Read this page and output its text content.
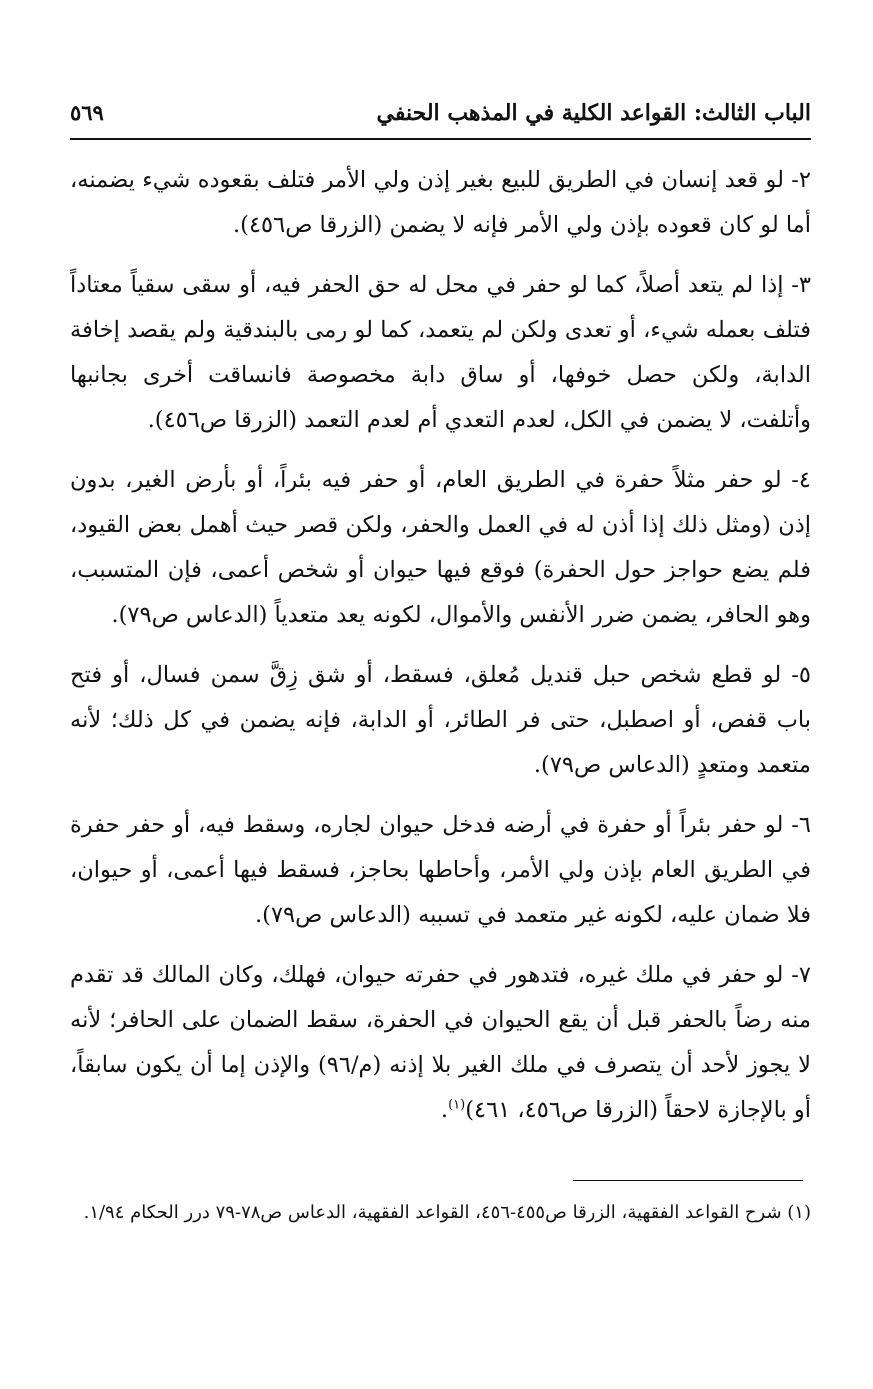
الباب الثالث: القواعد الكلية في المذهب الحنفي
٥٦٩

٢- لو قعد إنسان في الطريق للبيع بغير إذن ولي الأمر فتلف بقعوده شيء يضمنه، أما لو كان قعوده بإذن ولي الأمر فإنه لا يضمن (الزرقا ص٤٥٦).

٣- إذا لم يتعد أصلاً، كما لو حفر في محل له حق الحفر فيه، أو سقى سقياً معتاداً فتلف بعمله شيء، أو تعدى ولكن لم يتعمد، كما لو رمى بالبندقية ولم يقصد إخافة الدابة، ولكن حصل خوفها، أو ساق دابة مخصوصة فانساقت أخرى بجانبها وأتلفت، لا يضمن في الكل، لعدم التعدي أم لعدم التعمد (الزرقا ص٤٥٦).

٤- لو حفر مثلاً حفرة في الطريق العام، أو حفر فيه بئراً، أو بأرض الغير، بدون إذن (ومثل ذلك إذا أذن له في العمل والحفر، ولكن قصر حيث أهمل بعض القيود، فلم يضع حواجز حول الحفرة) فوقع فيها حيوان أو شخص أعمى، فإن المتسبب، وهو الحافر، يضمن ضرر الأنفس والأموال، لكونه يعد متعدياً (الدعاس ص٧٩).

٥- لو قطع شخص حبل قنديل مُعلق، فسقط، أو شق زِقَّ سمن فسال، أو فتح باب قفص، أو اصطبل، حتى فر الطائر، أو الدابة، فإنه يضمن في كل ذلك؛ لأنه متعمد ومتعدٍ (الدعاس ص٧٩).

٦- لو حفر بئراً أو حفرة في أرضه فدخل حيوان لجاره، وسقط فيه، أو حفر حفرة في الطريق العام بإذن ولي الأمر، وأحاطها بحاجز، فسقط فيها أعمى، أو حيوان، فلا ضمان عليه، لكونه غير متعمد في تسببه (الدعاس ص٧٩).

٧- لو حفر في ملك غيره، فتدهور في حفرته حيوان، فهلك، وكان المالك قد تقدم منه رضاً بالحفر قبل أن يقع الحيوان في الحفرة، سقط الضمان على الحافر؛ لأنه لا يجوز لأحد أن يتصرف في ملك الغير بلا إذنه (م/٩٦) والإذن إما أن يكون سابقاً، أو بالإجازة لاحقاً (الزرقا ص٤٥٦، ٤٦١)$^{(١)}$.

(١) شرح القواعد الفقهية، الزرقا ص٤٥٥-٤٥٦، القواعد الفقهية، الدعاس ص٧٨-٧٩ درر الحكام ١/٩٤.
